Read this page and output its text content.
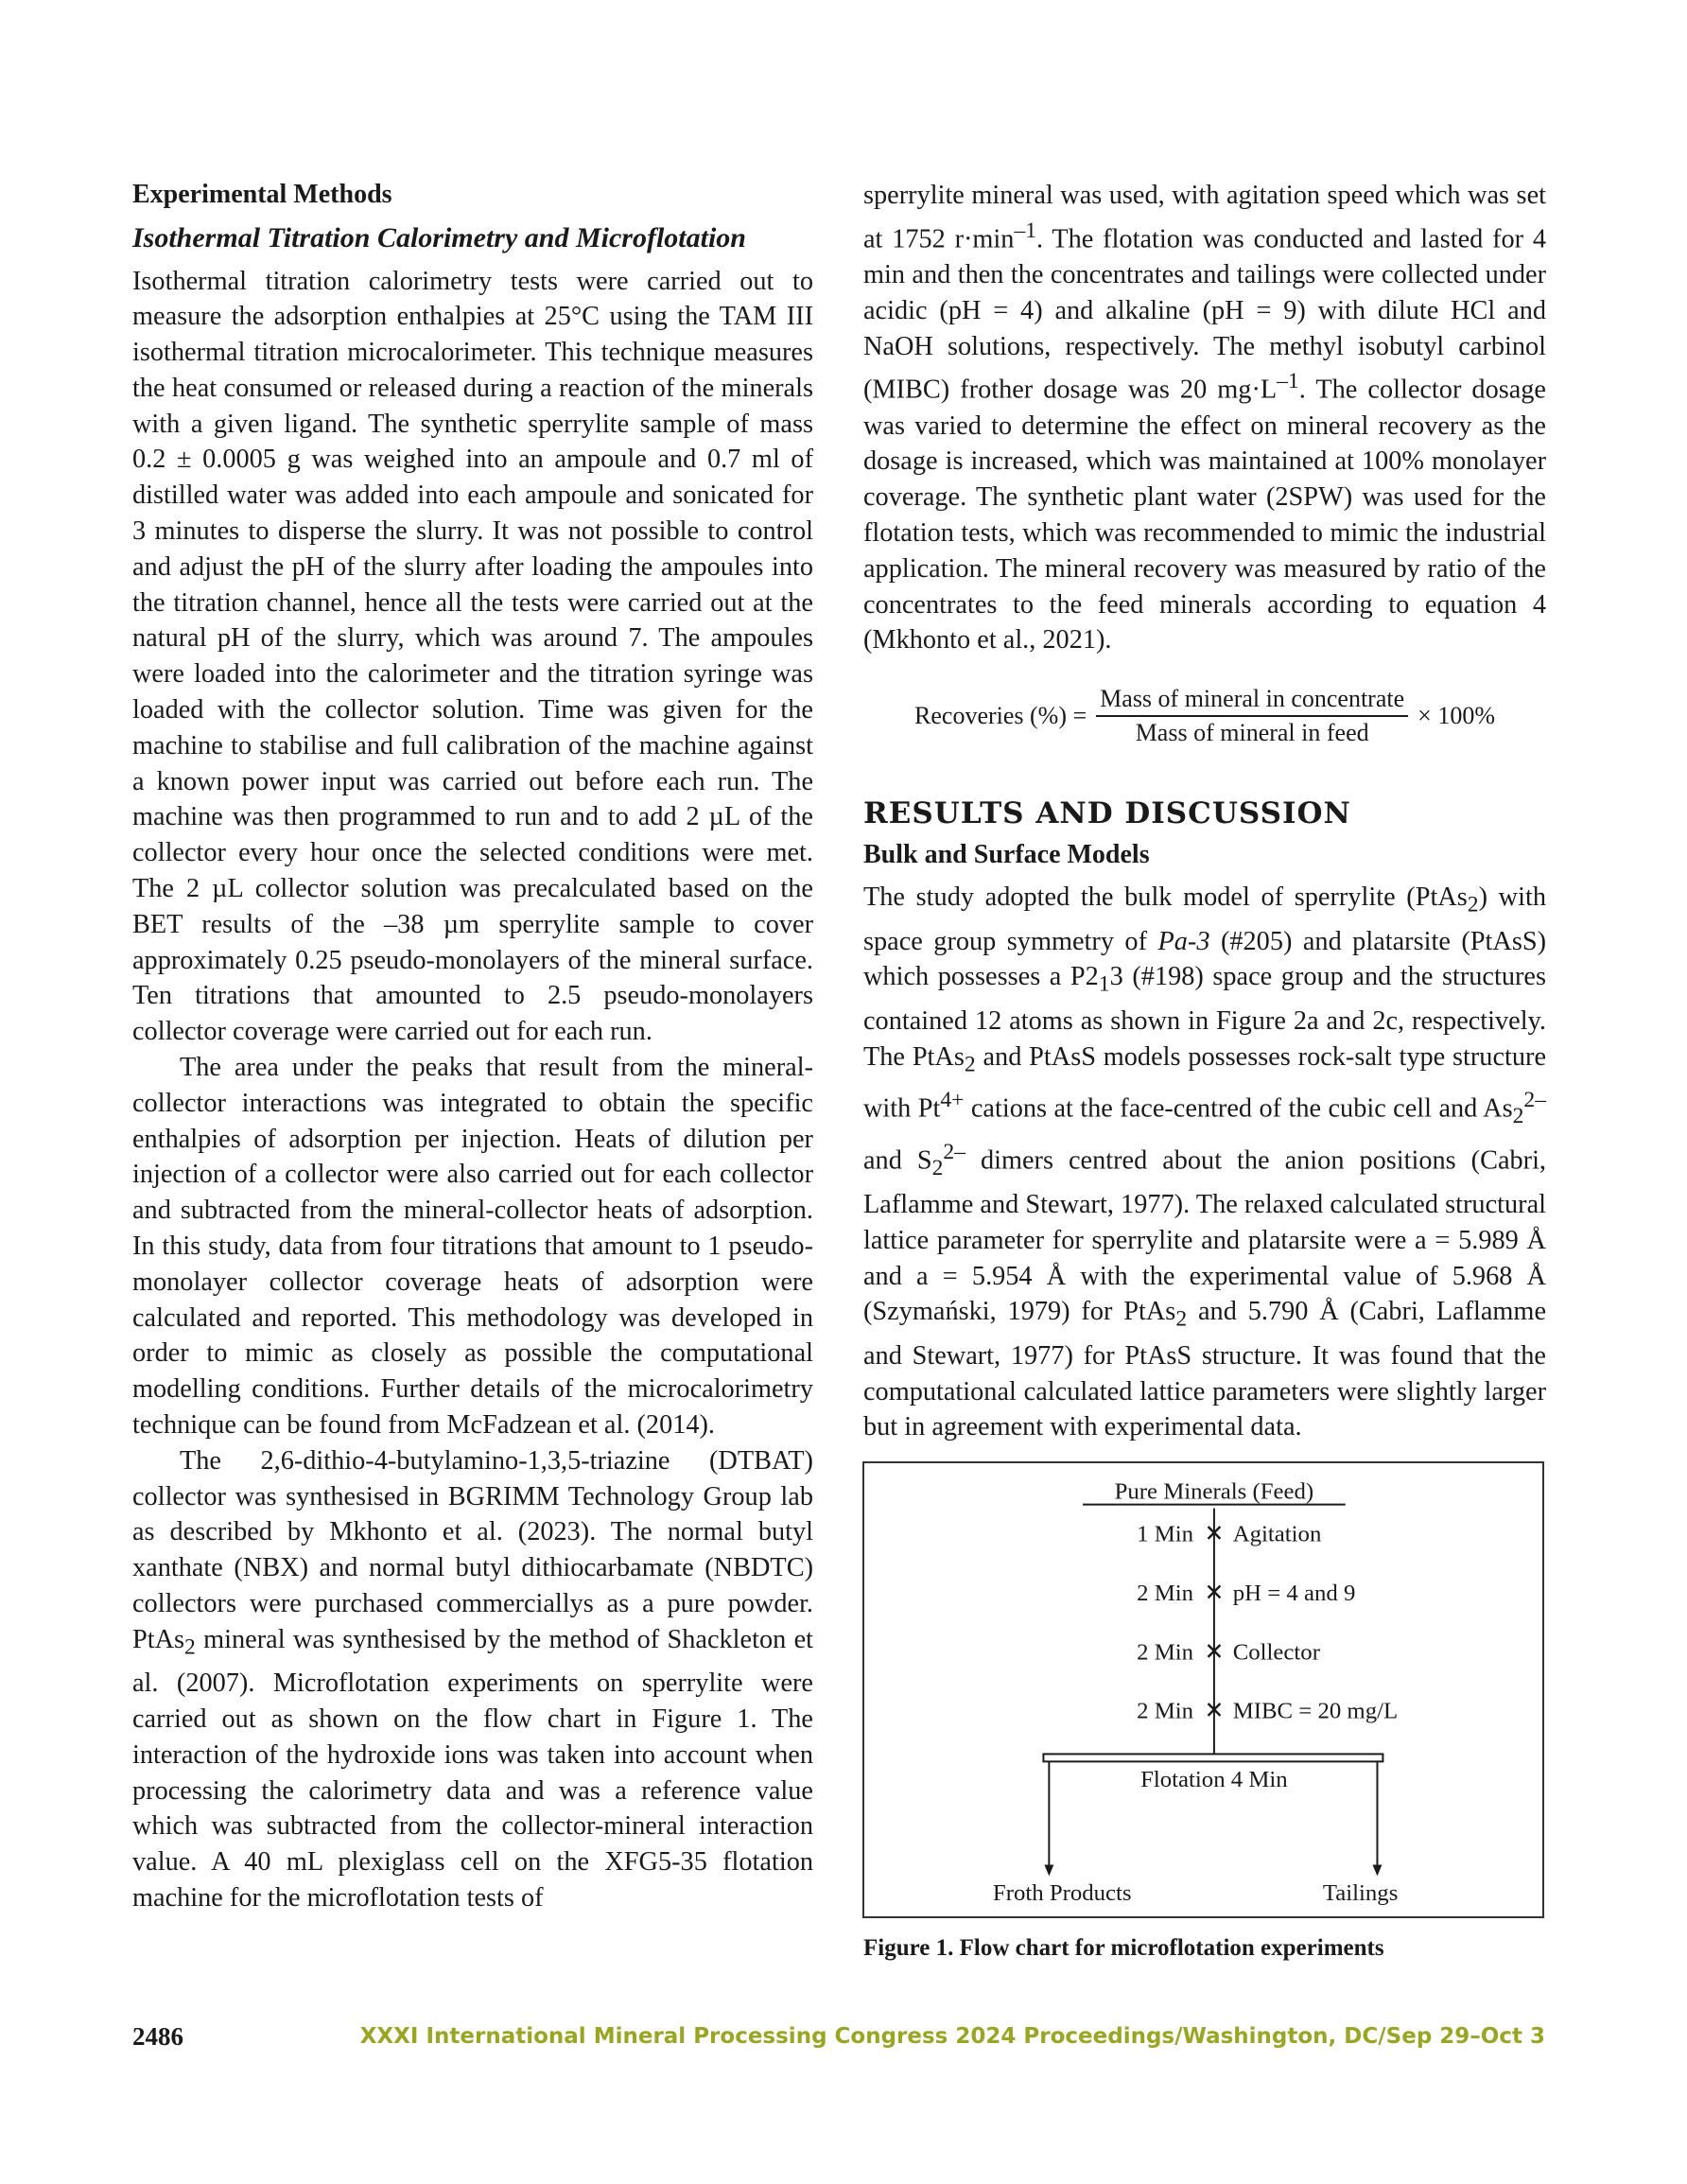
Experimental Methods
Isothermal Titration Calorimetry and Microflotation

Isothermal titration calorimetry tests were carried out to measure the adsorption enthalpies at 25°C using the TAM III isothermal titration microcalorimeter. This technique measures the heat consumed or released during a reaction of the minerals with a given ligand. The synthetic sperrylite sample of mass 0.2 ± 0.0005 g was weighed into an ampoule and 0.7 ml of distilled water was added into each ampoule and sonicated for 3 minutes to disperse the slurry. It was not possible to control and adjust the pH of the slurry after loading the ampoules into the titration channel, hence all the tests were carried out at the natural pH of the slurry, which was around 7. The ampoules were loaded into the calorimeter and the titration syringe was loaded with the collector solution. Time was given for the machine to stabilise and full calibration of the machine against a known power input was carried out before each run. The machine was then programmed to run and to add 2 µL of the collector every hour once the selected conditions were met. The 2 µL collector solution was precalculated based on the BET results of the –38 µm sperrylite sample to cover approximately 0.25 pseudo-monolayers of the mineral surface. Ten titrations that amounted to 2.5 pseudo-monolayers collector coverage were carried out for each run.

The area under the peaks that result from the mineral-collector interactions was integrated to obtain the specific enthalpies of adsorption per injection. Heats of dilution per injection of a collector were also carried out for each collector and subtracted from the mineral-collector heats of adsorption. In this study, data from four titrations that amount to 1 pseudo-monolayer collector coverage heats of adsorption were calculated and reported. This methodology was developed in order to mimic as closely as possible the computational modelling conditions. Further details of the microcalorimetry technique can be found from McFadzean et al. (2014).

The 2,6-dithio-4-butylamino-1,3,5-triazine (DTBAT) collector was synthesised in BGRIMM Technology Group lab as described by Mkhonto et al. (2023). The normal butyl xanthate (NBX) and normal butyl dithiocarbamate (NBDTC) collectors were purchased commerciallys as a pure powder. PtAs$_2$ mineral was synthesised by the method of Shackleton et al. (2007). Microflotation experiments on sperrylite were carried out as shown on the flow chart in Figure 1. The interaction of the hydroxide ions was taken into account when processing the calorimetry data and was a reference value which was subtracted from the collector-mineral interaction value. A 40 mL plexiglass cell on the XFG5-35 flotation machine for the microflotation tests of

sperrylite mineral was used, with agitation speed which was set at 1752 $r\cdot\min^{-1}$. The flotation was conducted and lasted for 4 min and then the concentrates and tailings were collected under acidic (pH = 4) and alkaline (pH = 9) with dilute HCl and NaOH solutions, respectively. The methyl isobutyl carbinol (MIBC) frother dosage was 20 $mg\cdot L^{-1}$. The collector dosage was varied to determine the effect on mineral recovery as the dosage is increased, which was maintained at 100% monolayer coverage. The synthetic plant water (2SPW) was used for the flotation tests, which was recommended to mimic the industrial application. The mineral recovery was measured by ratio of the concentrates to the feed minerals according to equation 4 (Mkhonto et al., 2021).

Recoveries (%) = $\frac{\text{Mass of mineral in concentrate}}{\text{Mass of mineral in feed}} \times 100\%$
RESULTS AND DISCUSSION
Bulk and Surface Models

The study adopted the bulk model of sperrylite (PtAs$_2$) with space group symmetry of Pa-3 (#205) and platarsite (PtAsS) which possesses a $P2_13$ (#198) space group and the structures contained 12 atoms as shown in Figure 2a and 2c, respectively. The PtAs$_2$ and PtAsS models possesses rock-salt type structure with $Pt^{4+}$ cations at the face-centred of the cubic cell and $As_2^{2-}$ and $S_2^{2-}$ dimers centred about the anion positions (Cabri, Laflamme and Stewart, 1977). The relaxed calculated structural lattice parameter for sperrylite and platarsite were a = 5.989 Å and a = 5.954 Å with the experimental value of 5.968 Å (Szymański, 1979) for PtAs$_2$ and 5.790 Å (Cabri, Laflamme and Stewart, 1977) for PtAsS structure. It was found that the computational calculated lattice parameters were slightly larger but in agreement with experimental data.

Pure Minerals (Feed)
1 Min ✕ Agitation
2 Min ✕ pH = 4 and 9
2 Min ✕ Collector
2 Min ✕ MIBC = 20 mg/L
Flotation 4 Min
Froth Products	Tailings
Figure 1. Flow chart for microflotation experiments
2486	XXXI International Mineral Processing Congress 2024 Proceedings/Washington, DC/Sep 29–Oct 3
